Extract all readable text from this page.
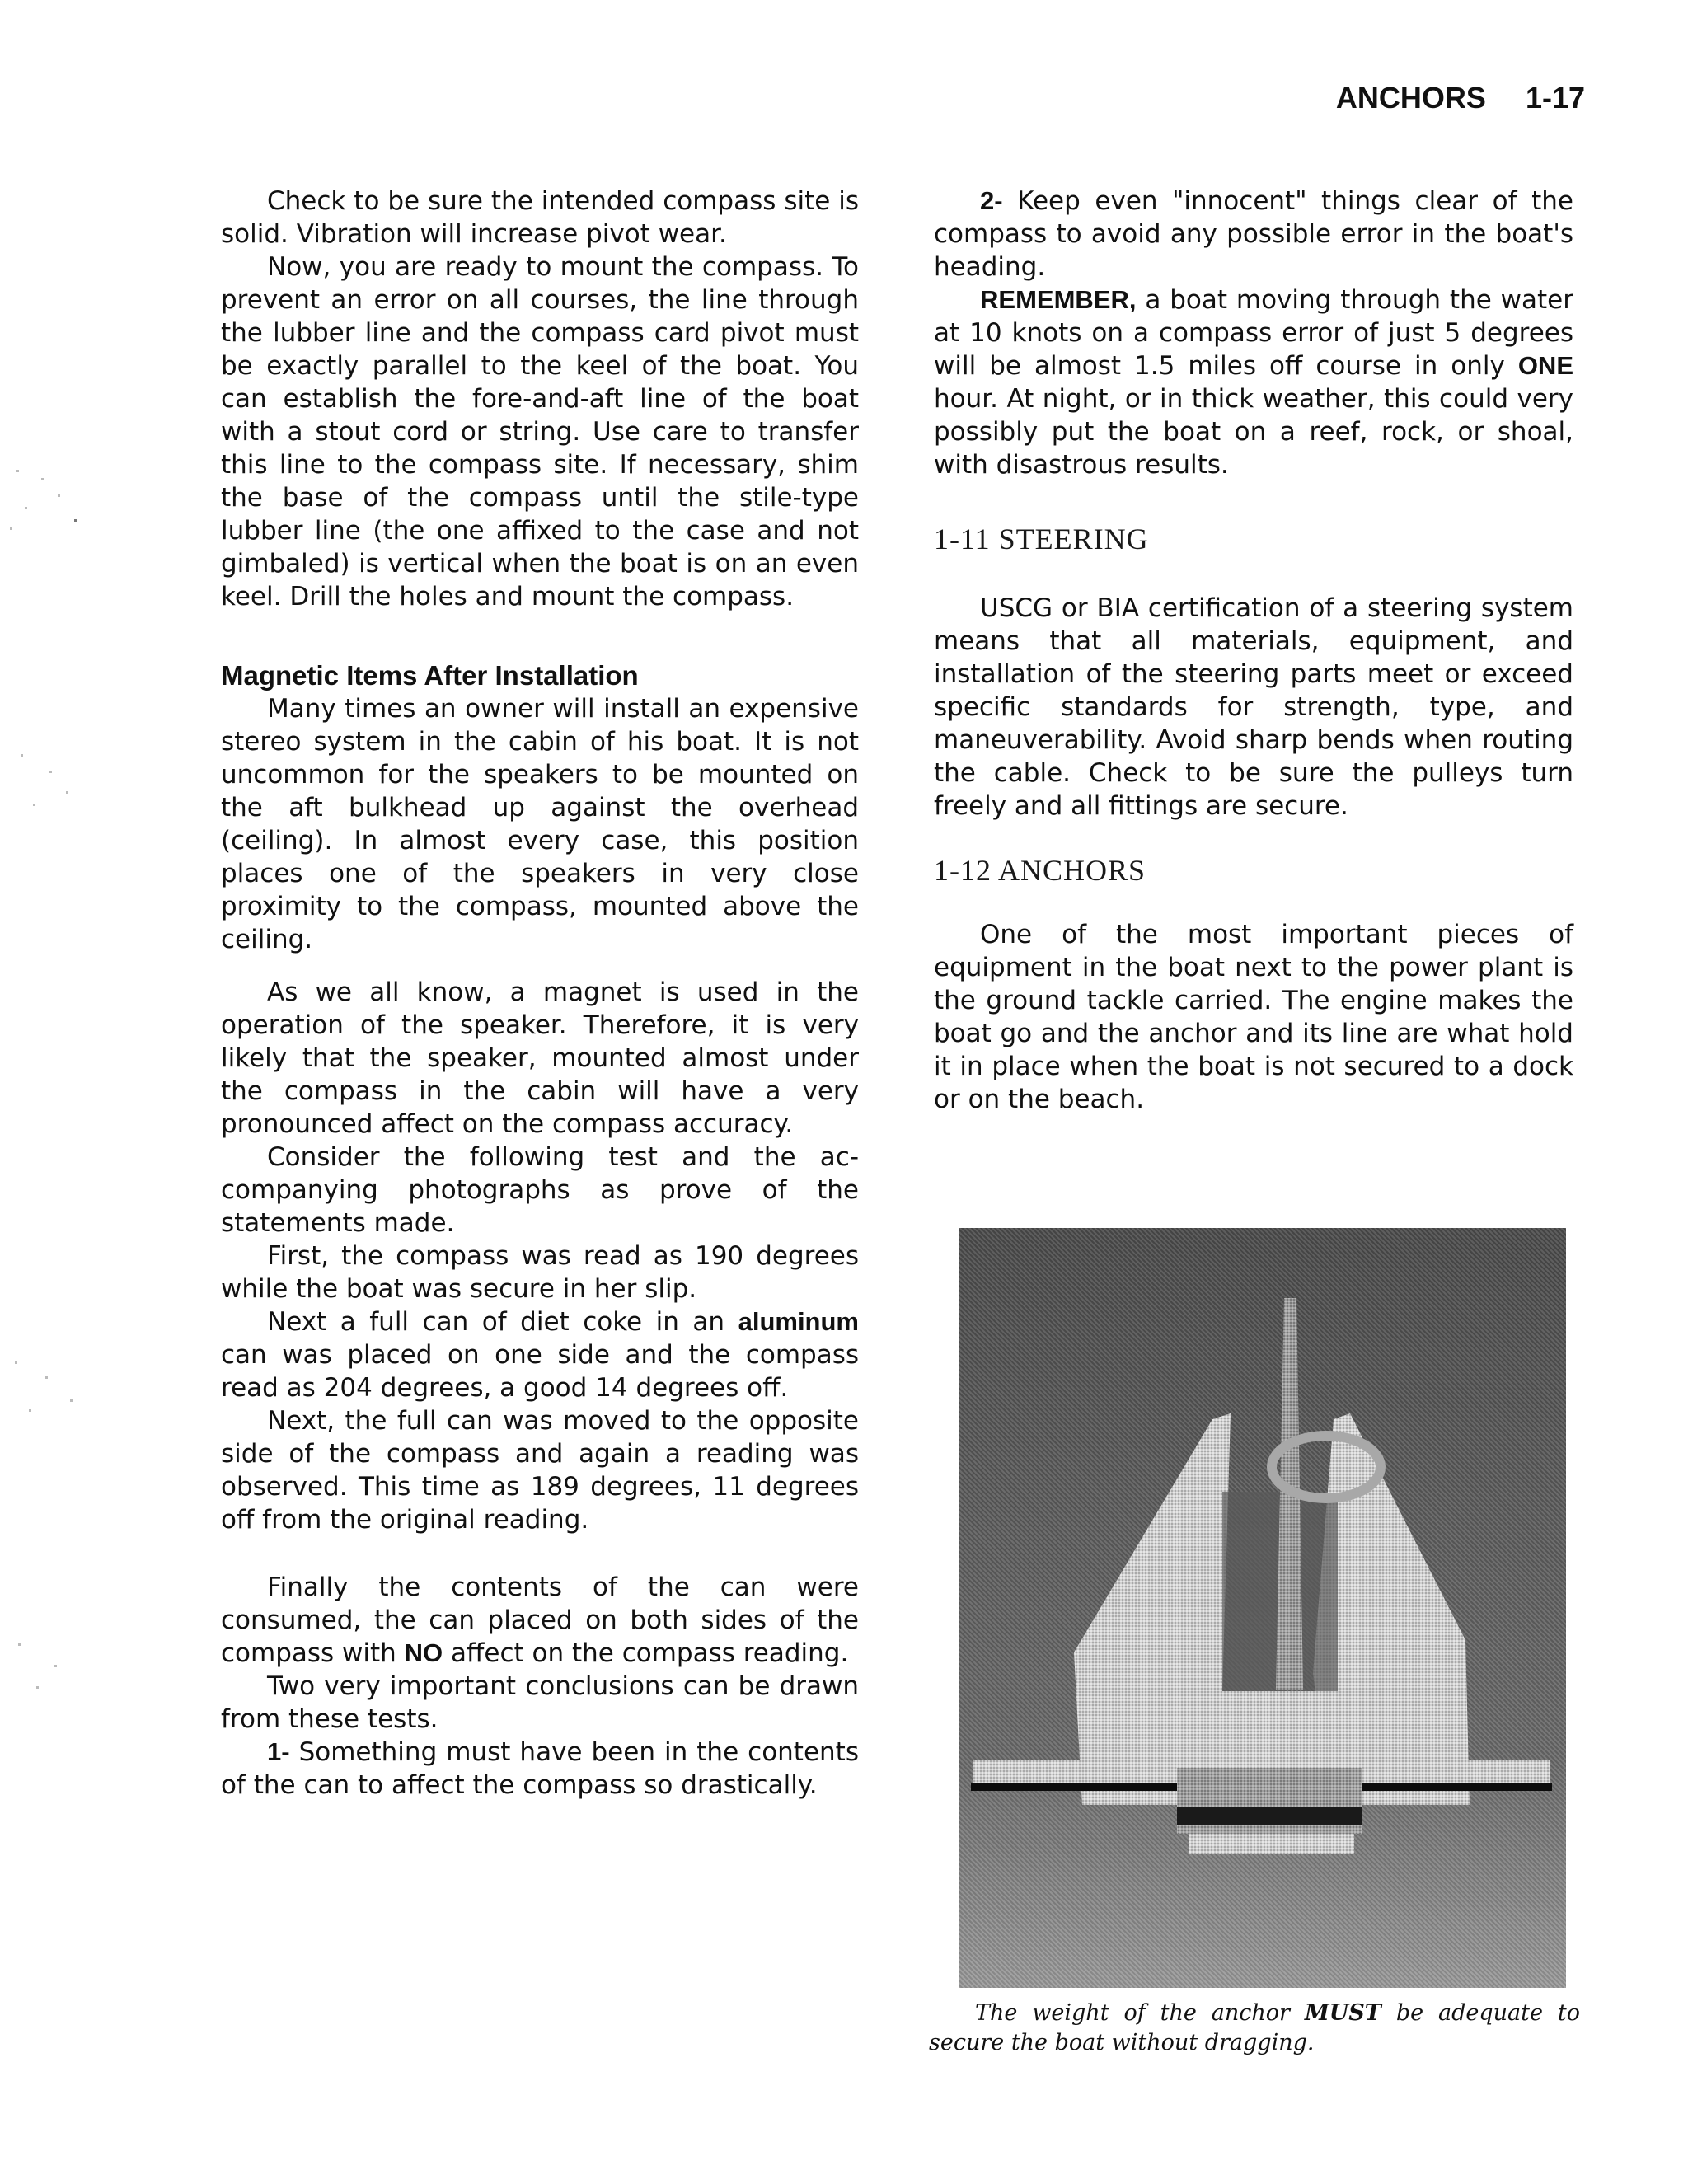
ANCHORS 1-17

Check to be sure the intended compass site is solid. Vibration will increase pivot wear.

Now, you are ready to mount the compass. To prevent an error on all courses, the line through the lubber line and the compass card pivot must be exactly parallel to the keel of the boat. You can establish the fore-and-aft line of the boat with a stout cord or string. Use care to transfer this line to the compass site. If necessary, shim the base of the compass until the stile-type lubber line (the one affixed to the case and not gimbaled) is vertical when the boat is on an even keel. Drill the holes and mount the compass.

Magnetic Items After Installation

Many times an owner will install an expensive stereo system in the cabin of his boat. It is not uncommon for the speakers to be mounted on the aft bulkhead up against the overhead (ceiling). In almost every case, this position places one of the speakers in very close proximity to the compass, mounted above the ceiling.

As we all know, a magnet is used in the operation of the speaker. Therefore, it is very likely that the speaker, mounted almost under the compass in the cabin will have a very pronounced affect on the compass accuracy.

Consider the following test and the accompanying photographs as prove of the statements made.

First, the compass was read as 190 degrees while the boat was secure in her slip.

Next a full can of diet coke in an aluminum can was placed on one side and the compass read as 204 degrees, a good 14 degrees off.

Next, the full can was moved to the opposite side of the compass and again a reading was observed. This time as 189 degrees, 11 degrees off from the original reading.

Finally the contents of the can were consumed, the can placed on both sides of the compass with NO affect on the compass reading.

Two very important conclusions can be drawn from these tests.

1- Something must have been in the contents of the can to affect the compass so drastically.

2- Keep even "innocent" things clear of the compass to avoid any possible error in the boat's heading.

REMEMBER, a boat moving through the water at 10 knots on a compass error of just 5 degrees will be almost 1.5 miles off course in only ONE hour. At night, or in thick weather, this could very possibly put the boat on a reef, rock, or shoal, with disastrous results.

1-11 STEERING

USCG or BIA certification of a steering system means that all materials, equipment, and installation of the steering parts meet or exceed specific standards for strength, type, and maneuverability. Avoid sharp bends when routing the cable. Check to be sure the pulleys turn freely and all fittings are secure.

1-12 ANCHORS

One of the most important pieces of equipment in the boat next to the power plant is the ground tackle carried. The engine makes the boat go and the anchor and its line are what hold it in place when the boat is not secured to a dock or on the beach.

The weight of the anchor MUST be adequate to secure the boat without dragging.
